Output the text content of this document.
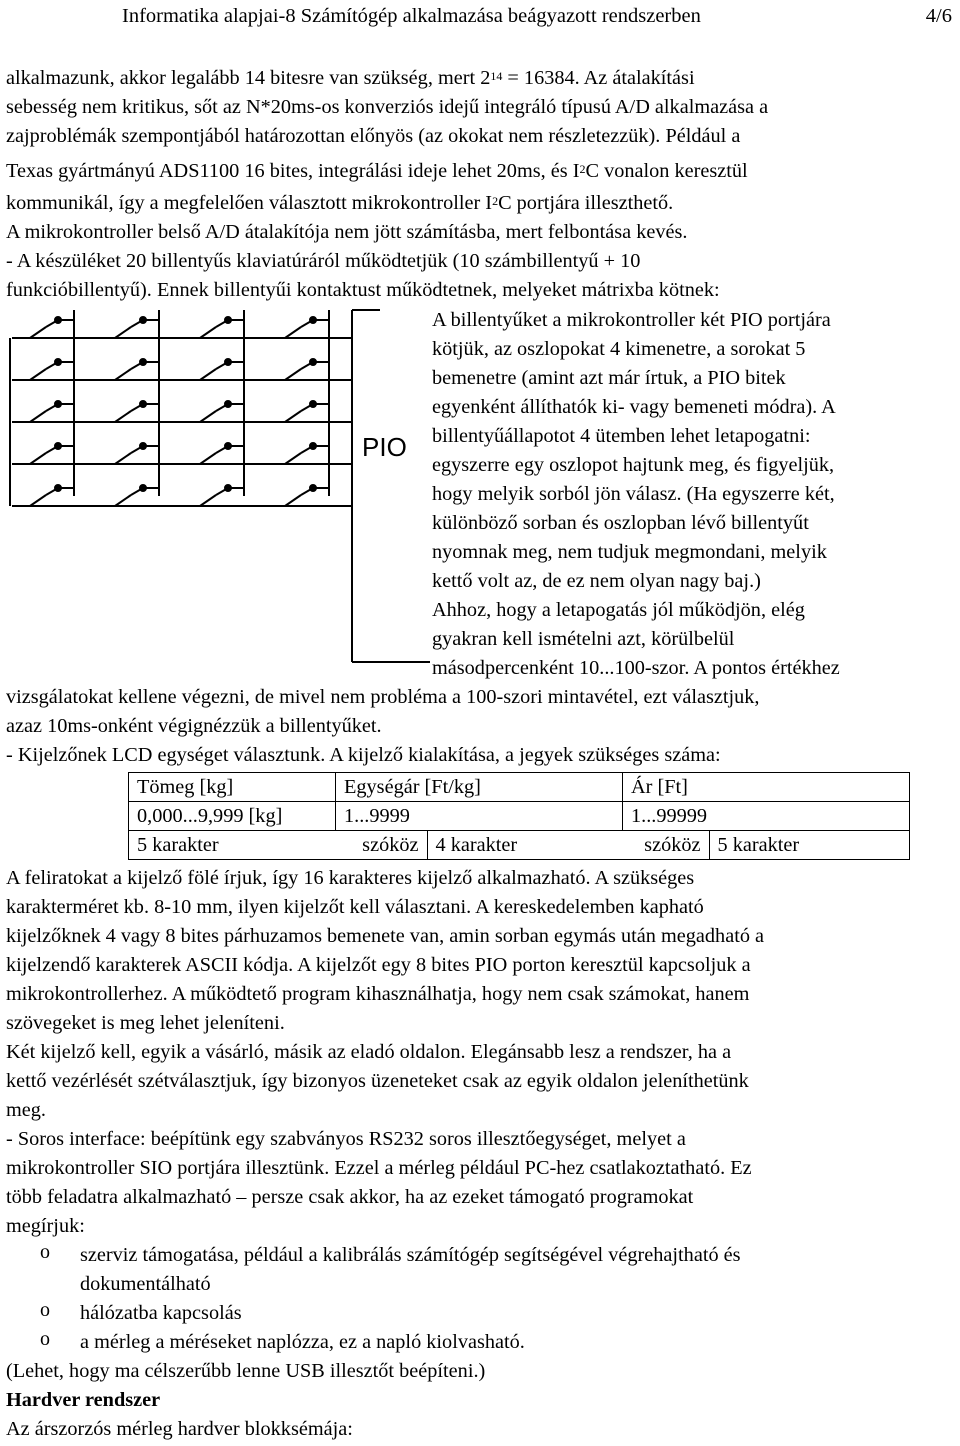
Informatika alapjai-8 Számítógép alkalmazása beágyazott rendszerben	4/6
alkalmazunk, akkor legalább 14 bitesre van szükség, mert $2^{14} = 16384$. Az átalakítási
sebesség nem kritikus, sőt az N*20ms-os konverziós idejű integráló típusú A/D alkalmazása a
zajproblémák szempontjából határozottan előnyös (az okokat nem részletezzük). Például a
Texas gyártmányú ADS1100 16 bites, integrálási ideje lehet 20ms, és $I^2C$ vonalon keresztül
kommunikál, így a megfelelően választott mikrokontroller $I^2C$ portjára illeszthető.
A mikrokontroller belső A/D átalakítója nem jött számításba, mert felbontása kevés.
- A készüléket 20 billentyűs klaviatúráról működtetjük (10 számbillentyű + 10
funkcióbillentyű). Ennek billentyűi kontaktust működtetnek, melyeket mátrixba kötnek:
PIO
A billentyűket a mikrokontroller két PIO portjára
kötjük, az oszlopokat 4 kimenetre, a sorokat 5
bemenetre (amint azt már írtuk, a PIO bitek
egyenként állíthatók ki- vagy bemeneti módra). A
billentyűállapotot 4 ütemben lehet letapogatni:
egyszerre egy oszlopot hajtunk meg, és figyeljük,
hogy melyik sorból jön válasz. (Ha egyszerre két,
különböző sorban és oszlopban lévő billentyűt
nyomnak meg, nem tudjuk megmondani, melyik
kettő volt az, de ez nem olyan nagy baj.)
Ahhoz, hogy a letapogatás jól működjön, elég
gyakran kell ismételni azt, körülbelül
másodpercenként 10...100-szor. A pontos értékhez
vizsgálatokat kellene végezni, de mivel nem probléma a 100-szori mintavétel, ezt választjuk,
azaz 10ms-onként végignézzük a billentyűket.
- Kijelzőnek LCD egységet választunk. A kijelző kialakítása, a jegyek szükséges száma:
Tömeg [kg]	Egységár [Ft/kg]		Ár [Ft]	
0,000...9,999 [kg]	1...9999		1...99999	
5 karakter	szóköz	4 karakter	szóköz	5 karakter
A feliratokat a kijelző fölé írjuk, így 16 karakteres kijelző alkalmazható. A szükséges
karakterméret kb. 8-10 mm, ilyen kijelzőt kell választani. A kereskedelemben kapható
kijelzőknek 4 vagy 8 bites párhuzamos bemenete van, amin sorban egymás után megadható a
kijelzendő karakterek ASCII kódja. A kijelzőt egy 8 bites PIO porton keresztül kapcsoljuk a
mikrokontrollerhez. A működtető program kihasználhatja, hogy nem csak számokat, hanem
szövegeket is meg lehet jeleníteni.
Két kijelző kell, egyik a vásárló, másik az eladó oldalon. Elegánsabb lesz a rendszer, ha a
kettő vezérlését szétválasztjuk, így bizonyos üzeneteket csak az egyik oldalon jeleníthetünk
meg.
- Soros interface: beépítünk egy szabványos RS232 soros illesztőegységet, melyet a
mikrokontroller SIO portjára illesztünk. Ezzel a mérleg például PC-hez csatlakoztatható. Ez
több feladatra alkalmazható – persze csak akkor, ha az ezeket támogató programokat
megírjuk:
o szerviz támogatása, például a kalibrálás számítógép segítségével végrehajtható és
dokumentálható
o hálózatba kapcsolás
o a mérleg a méréseket naplózza, ez a napló kiolvasható.
(Lehet, hogy ma célszerűbb lenne USB illesztőt beépíteni.)
Hardver rendszer
Az árszorzós mérleg hardver blokksémája:
